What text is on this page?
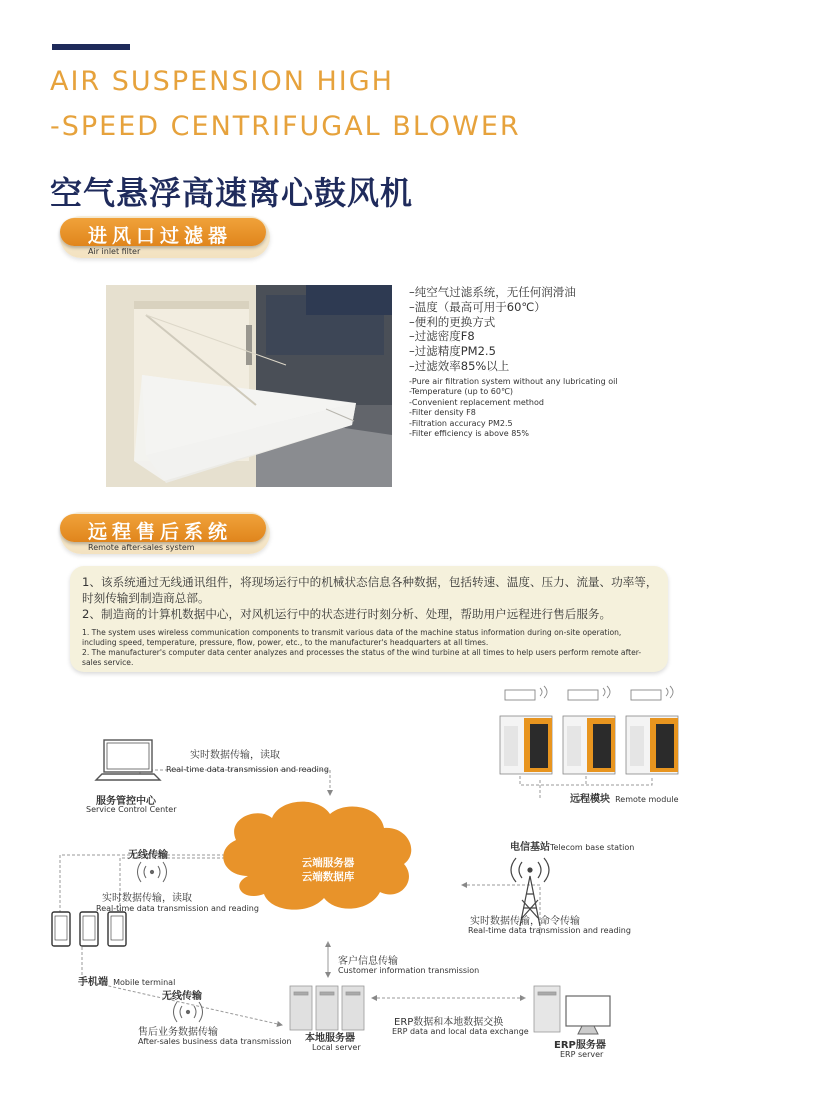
AIR SUSPENSION HIGH
-SPEED CENTRIFUGAL BLOWER
空气悬浮高速离心鼓风机
进风口过滤器
Air inlet filter
–纯空气过滤系统，无任何润滑油
–温度（最高可用于60℃）
–便利的更换方式
–过滤密度F8
–过滤精度PM2.5
–过滤效率85%以上
-Pure air filtration system without any lubricating oil
-Temperature (up to 60℃)
-Convenient replacement method
-Filter density F8
-Filtration accuracy PM2.5
-Filter efficiency is above 85%
远程售后系统
Remote after-sales system
1、该系统通过无线通讯组件，将现场运行中的机械状态信息各种数据，包括转速、温度、压力、流量、功率等，时刻传输到制造商总部。
2、制造商的计算机数据中心，对风机运行中的状态进行时刻分析、处理，帮助用户远程进行售后服务。
1. The system uses wireless communication components to transmit various data of the machine status information during on-site operation, including speed, temperature, pressure, flow, power, etc., to the manufacturer's headquarters at all times.
2. The manufacturer's computer data center analyzes and processes the status of the wind turbine at all times to help users perform remote after-sales service.
云端服务器
云端数据库
实时数据传输，读取
Real-time data transmission and reading
服务管控中心
Service Control Center
远程模块 Remote module
电信基站Telecom base station
无线传输
实时数据传输，读取
Real-time data transmission and reading
实时数据传输，命令传输
Real-time data transmission and reading
手机端 Mobile terminal
客户信息传输
Customer information transmission
无线传输
售后业务数据传输
After-sales business data transmission 本地服务器
Local server
ERP数据和本地数据交换
ERP data and local data exchange
ERP服务器
ERP server
